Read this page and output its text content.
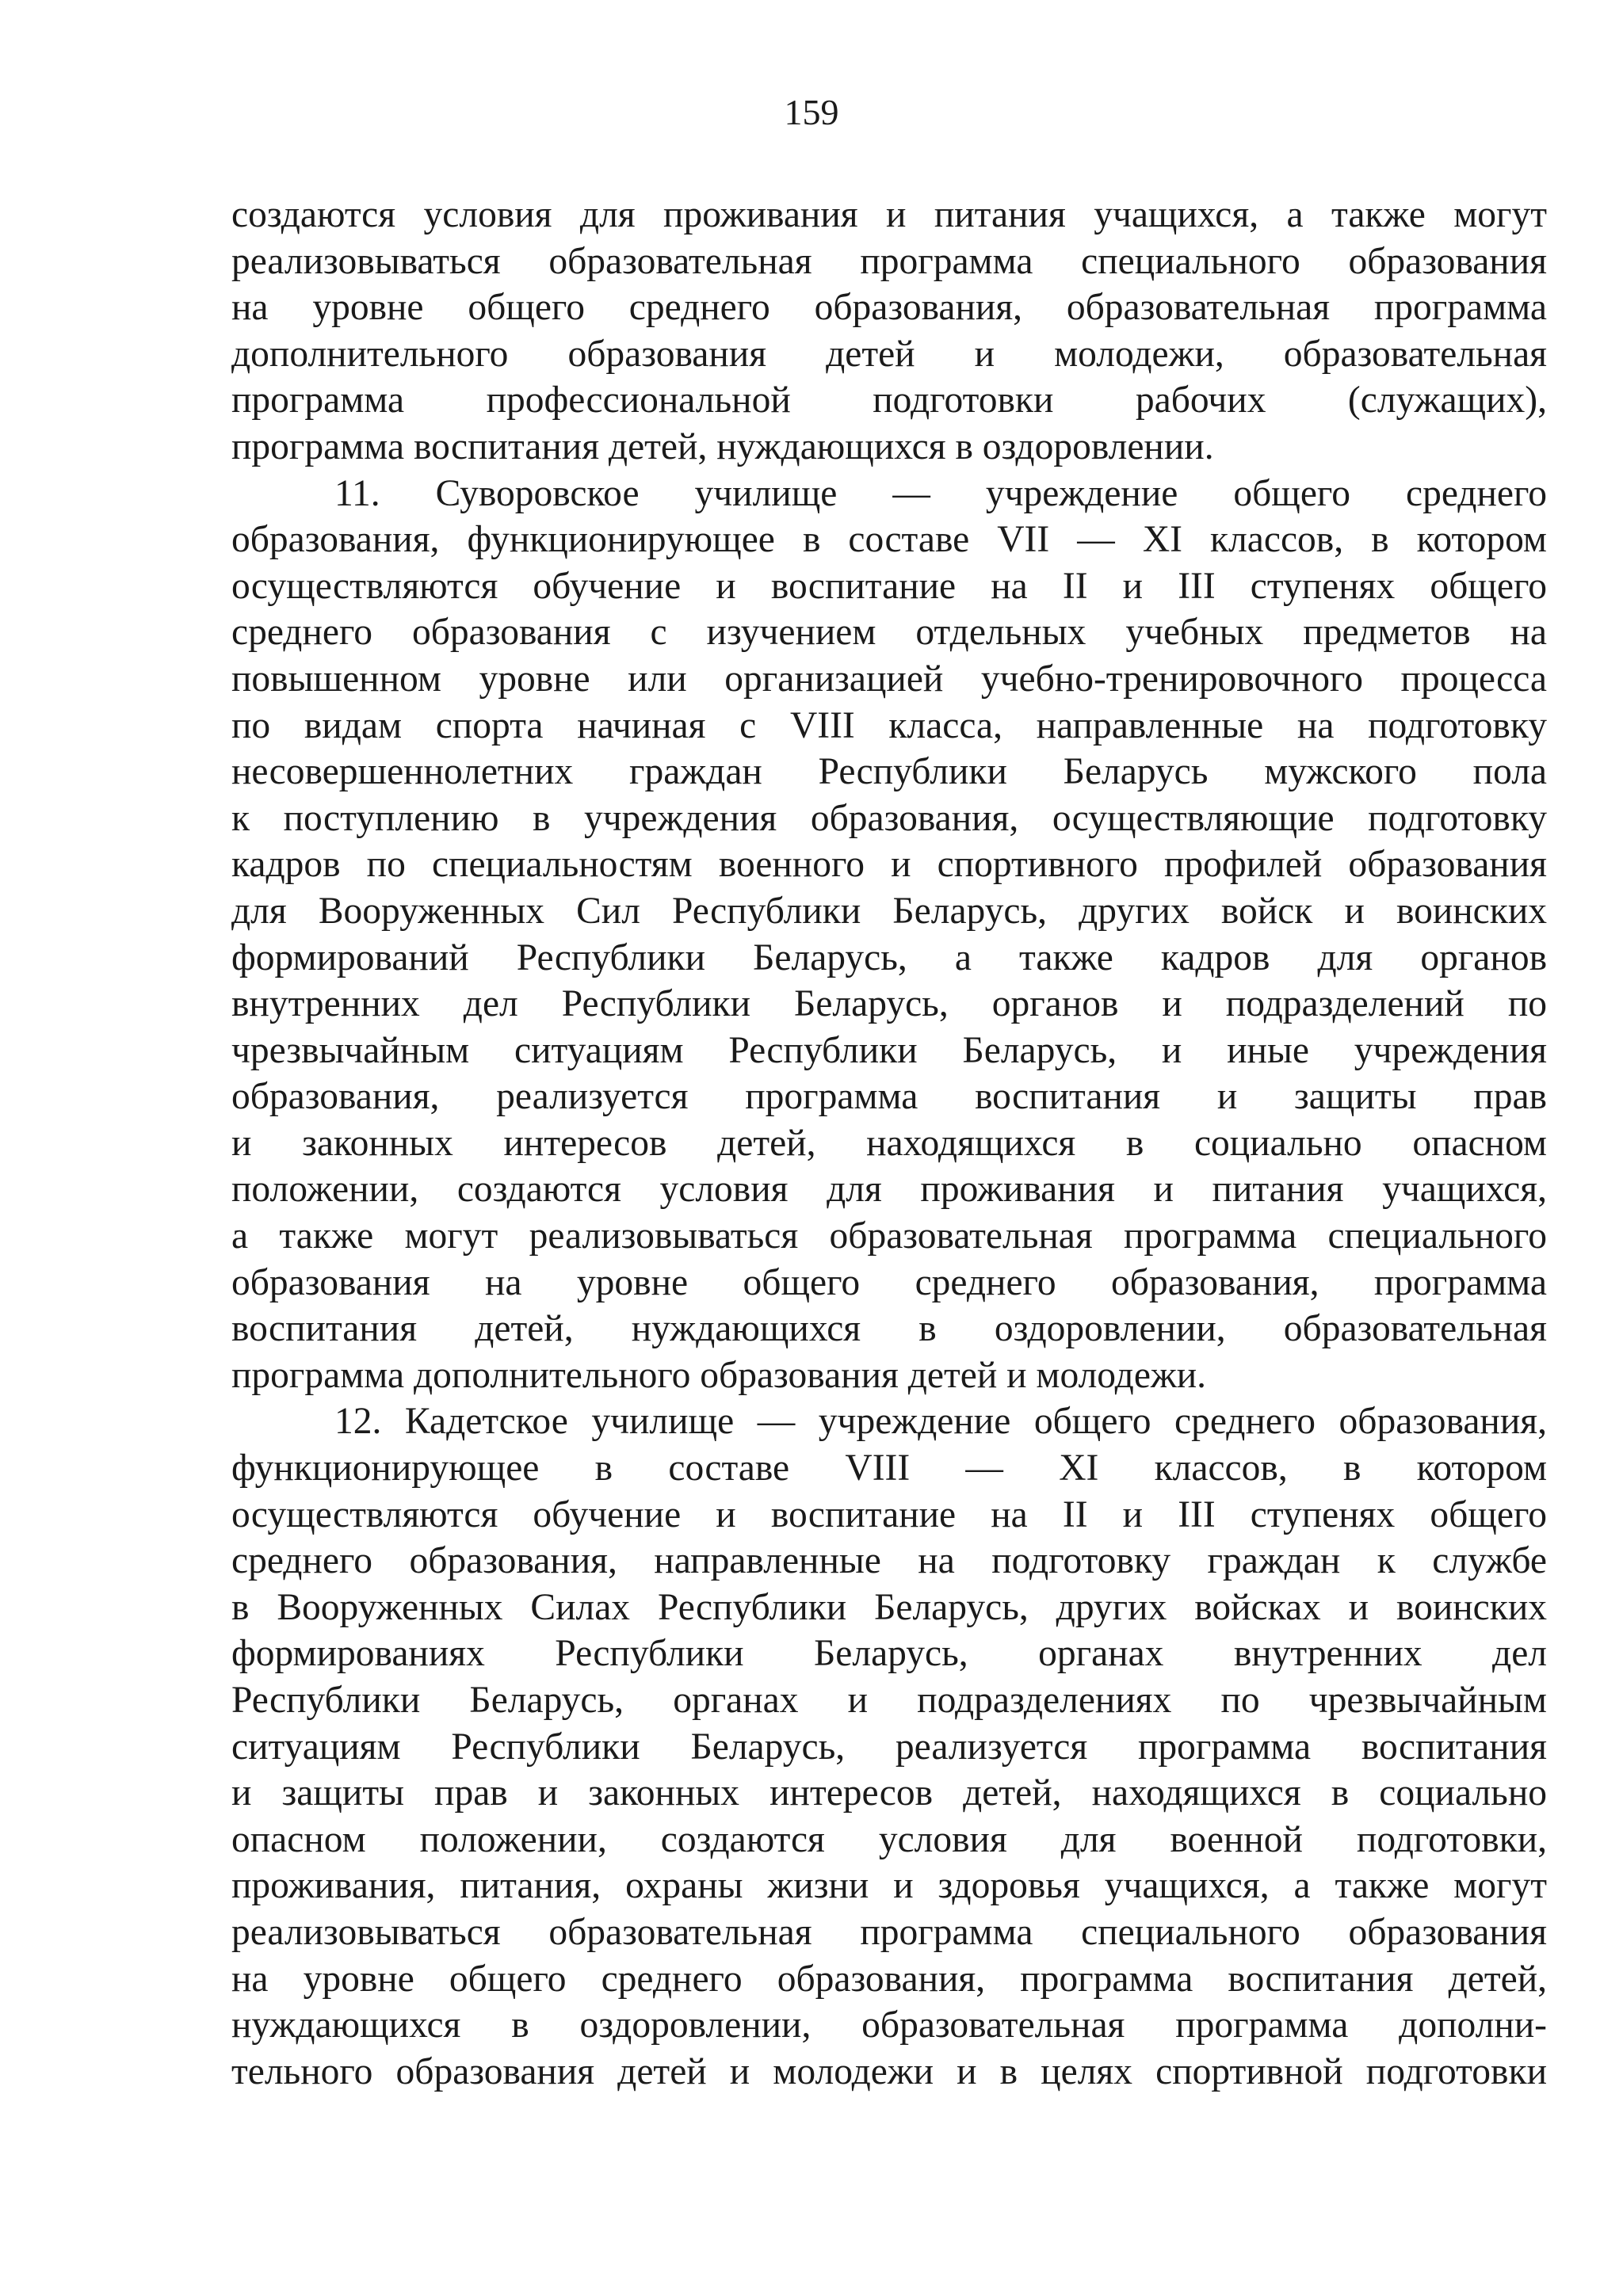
159

создаются условия для проживания и питания учащихся, а также могут
реализовываться образовательная программа специального образования
на уровне общего среднего образования, образовательная программа
дополнительного образования детей и молодежи, образовательная
программа профессиональной подготовки рабочих (служащих),
программа воспитания детей, нуждающихся в оздоровлении.

11. Суворовское училище — учреждение общего среднего
образования, функционирующее в составе VII — XI классов, в котором
осуществляются обучение и воспитание на II и III ступенях общего
среднего образования с изучением отдельных учебных предметов на
повышенном уровне или организацией учебно-тренировочного процесса
по видам спорта начиная с VIII класса, направленные на подготовку
несовершеннолетних граждан Республики Беларусь мужского пола
к поступлению в учреждения образования, осуществляющие подготовку
кадров по специальностям военного и спортивного профилей образования
для Вооруженных Сил Республики Беларусь, других войск и воинских
формирований Республики Беларусь, а также кадров для органов
внутренних дел Республики Беларусь, органов и подразделений по
чрезвычайным ситуациям Республики Беларусь, и иные учреждения
образования, реализуется программа воспитания и защиты прав
и законных интересов детей, находящихся в социально опасном
положении, создаются условия для проживания и питания учащихся,
а также могут реализовываться образовательная программа специального
образования на уровне общего среднего образования, программа
воспитания детей, нуждающихся в оздоровлении, образовательная
программа дополнительного образования детей и молодежи.

12. Кадетское училище — учреждение общего среднего образования,
функционирующее в составе VIII — XI классов, в котором
осуществляются обучение и воспитание на II и III ступенях общего
среднего образования, направленные на подготовку граждан к службе
в Вооруженных Силах Республики Беларусь, других войсках и воинских
формированиях Республики Беларусь, органах внутренних дел
Республики Беларусь, органах и подразделениях по чрезвычайным
ситуациям Республики Беларусь, реализуется программа воспитания
и защиты прав и законных интересов детей, находящихся в социально
опасном положении, создаются условия для военной подготовки,
проживания, питания, охраны жизни и здоровья учащихся, а также могут
реализовываться образовательная программа специального образования
на уровне общего среднего образования, программа воспитания детей,
нуждающихся в оздоровлении, образовательная программа дополни-
тельного образования детей и молодежи и в целях спортивной подготовки
